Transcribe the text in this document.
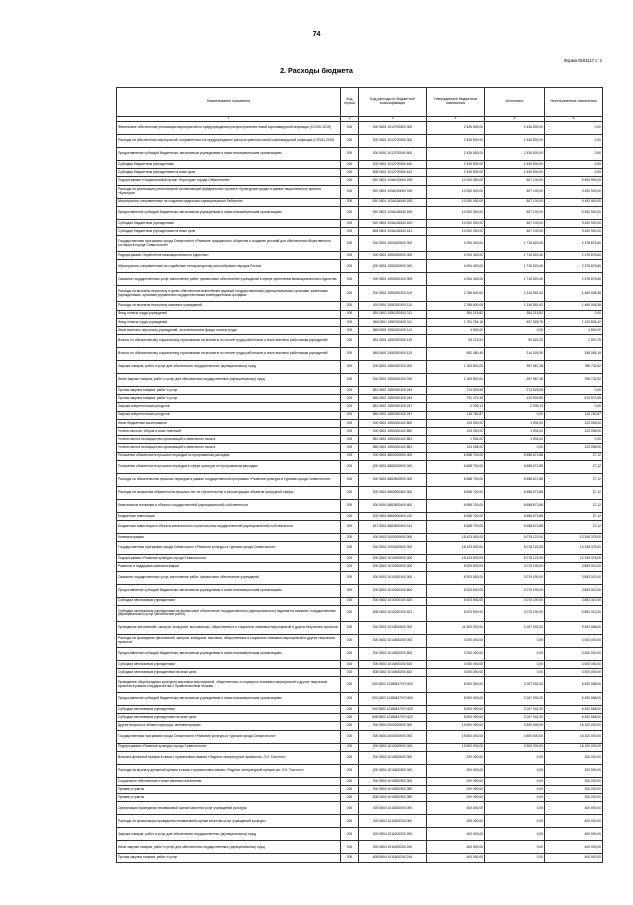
74
Форма 0503117 с. 2
2. Расходы бюджета
Наименование показателя	Код строки	Код расхода по бюджетной классификации	Утвержденные бюджетные назначения	Исполнено	Неисполненные назначения
1	2	3	4	5	6
Финансовое обеспечение реализации мероприятий по предупреждению распространения новой коронавирусной инфекции (COVID-2019)	200	000 0801 1012700300 000	2 426 500,00	2 426 500,00	0,00
Расходы на обеспечение мероприятий, направленных на предупреждение распространения новой коронавирусной инфекции (COVID-2019)	200	000 0801 1012700260 000	2 426 500,00	2 426 500,00	0,00
Предоставление субсидий бюджетным, автономным учреждениям и иным некоммерческим организациям	200	000 0801 1012700260 600	2 426 500,00	2 426 500,00	0,00
Субсидии бюджетным учреждениям	200	000 0801 1012700260 610	2 426 500,00	2 426 500,00	0,00
Субсидии бюджетным учреждениям на иные цели	200	808 0801 1012700260 612	2 426 500,00	2 426 500,00	0,00
Подпрограмма «Национальный проект «Культура» города Севастополя»	200	000 0801 103A100000 000	10 000 000,00	507 100,00	9 492 900,00
Расходы на реализацию региональной составляющей федерального проекта «Культурная среда» в рамках национального проекта «Культура»	200	000 0801 103A100000 000	10 000 000,00	507 100,00	9 492 900,00
Мероприятия, направленные на создание модельных муниципальных библиотек	200	000 0801 103A154540 000	10 000 000,00	507 100,00	9 492 900,00
Предоставление субсидий бюджетным, автономным учреждениям и иным некоммерческим организациям	200	000 0801 103A154540 600	10 000 000,00	507 100,00	9 492 900,00
Субсидии бюджетным учреждениям	200	000 0801 103A154540 610	10 000 000,00	507 100,00	9 492 900,00
Субсидии бюджетным учреждениям на иные цели	200	808 0801 103A154540 612	10 000 000,00	507 100,00	9 492 900,00
Государственная программа города Севастополя «Развитие гражданского общества и создание условий для обеспечения общественного согласия в городе Севастополе»	200	000 0801 1500000000 000	4 094 400,00	1 715 523,40	2 378 876,60
Подпрограмма «Укрепление межнационального единства»	200	000 0801 1550000000 000	4 094 400,00	1 715 523,40	2 378 876,60
Мероприятия, направленные на содействие этнокультурному многообразию народов России	200	000 0801 1550300000 000	4 094 400,00	1 715 523,40	2 378 876,60
Оказание государственных услуг, выполнение работ, финансовое обеспечение учреждений в сфере укрепления межнационального единства	200	000 0801 1550300100 000	4 094 400,00	1 715 523,40	2 378 876,60
Расходы на выплаты персоналу в целях обеспечения выполнения функций государственными (муниципальными) органами, казенными учреждениями, органами управления государственными внебюджетными фондами	200	000 0801 1550300100 100	2 785 600,00	1 316 551,62	1 469 048,38
Расходы на выплаты персоналу казенных учреждений	200	000 0801 1550300100 110	2 785 600,00	1 316 551,62	1 469 048,38
Фонд оплаты труда учреждений	200	851 0801 1550300100 111	354 215,82	354 215,82	0,00
Фонд оплаты труда учреждений	200	865 0801 1550300100 111	1 761 764,18	637 928,76	1 123 835,42
Иные выплаты персоналу учреждений, за исключением фонда оплаты труда	200	865 0801 1550300100 112	4 500,00	0,00	4 500,00
Взносы по обязательному социальному страхованию на выплаты по оплате труда работников и иные выплаты работникам учреждений	200	851 0801 1550300100 119	93 219,51	90 622,22	2 597,29
Взносы по обязательному социальному страхованию на выплаты по оплате труда работников и иные выплаты работникам учреждений	200	865 0801 1550300100 119	552 080,49	214 025,30	338 055,19
Закупка товаров, работ и услуг для обеспечения государственных (муниципальных) нужд	200	000 0801 1550300100 200	1 183 800,00	397 067,48	786 732,52
Иные закупки товаров, работ и услуг для обеспечения государственных (муниципальных) нужд	200	000 0801 1550300100 240	1 183 800,00	397 067,48	786 732,52
Прочая закупка товаров, работ и услуг	200	851 0801 1550300100 244	274 525,55	274 525,55	0,00
Прочая закупка товаров, работ и услуг	200	865 0801 1550300100 244	791 474,45	120 502,80	670 971,65
Закупка энергетических ресурсов	200	851 0801 1550300100 247	2 039,13	2 039,13	0,00
Закупка энергетических ресурсов	200	865 0801 1550300100 247	115 760,87	0,00	115 760,87
Иные бюджетные ассигнования	200	000 0801 1550300100 800	125 000,00	1 904,00	123 096,00
Уплата налогов, сборов и иных платежей	200	000 0801 1550300100 850	125 000,00	1 904,00	123 096,00
Уплата налога на имущество организаций и земельного налога	200	851 0801 1550300100 851	1 904,00	1 904,00	0,00
Уплата налога на имущество организаций и земельного налога	200	865 0801 1550300100 851	123 096,00	0,00	123 096,00
Погашение обязательств прошлых периодов по программным расходам	200	000 0801 6800000000 000	6 658 700,00	6 658 672,88	27,12
Погашение обязательств прошлых периодов в сфере культуры по программным расходам	200	000 0801 6880000000 000	6 658 700,00	6 658 672,88	27,12
Расходы на обязательства прошлых периодов в рамках государственной программы «Развитие культуры и туризма города Севастополя»	200	000 0801 6882600000 000	6 658 700,00	6 658 672,88	27,12
Расходы на погашение обязательств прошлых лет по строительству и реконструкции объектов культурной сферы	200	000 0801 6882600400 000	6 658 700,00	6 658 672,88	27,12
Капитальные вложения в объекты государственной (муниципальной) собственности	200	000 0801 6882600400 400	6 658 700,00	6 658 672,88	27,12
Бюджетные инвестиции	200	000 0801 6882600400 410	6 658 700,00	6 658 672,88	27,12
Бюджетные инвестиции в объекты капитального строительства государственной (муниципальной) собственности	200	817 0801 6882600400 414	6 658 700,00	6 658 672,88	27,12
Кинематография	200	000 0802 0000000000 000	18 423 500,00	5 078 122,00	13 345 378,00
Государственная программа города Севастополя «Развитие культуры и туризма города Севастополя»	200	000 0802 1000000000 000	18 423 500,00	5 078 122,00	13 345 378,00
Подпрограмма «Развитие культуры города Севастополя»	200	000 0802 1010000000 000	18 423 500,00	5 078 122,00	13 345 378,00
Развитие и поддержка кинематографии	200	000 0802 1010300000 000	6 923 500,00	3 070 190,00	3 853 310,00
Оказание государственных услуг, выполнение работ, финансовое обеспечение учреждений	200	000 0802 1010300100 000	6 923 500,00	3 070 190,00	3 853 310,00
Предоставление субсидий бюджетным, автономным учреждениям и иным некоммерческим организациям	200	000 0802 1010300100 600	6 923 500,00	3 070 190,00	3 853 310,00
Субсидии автономным учреждениям	200	000 0802 1010300100 620	6 923 500,00	3 070 190,00	3 853 310,00
Субсидии автономным учреждениям на финансовое обеспечение государственного (муниципального) задания на оказание государственных (муниципальных) услуг (выполнение работ)	200	808 0802 1010300100 621	6 923 500,00	3 070 190,00	3 853 310,00
Проведение фестивалей, смотров, конкурсов, выставочных, общественных и социально значимых мероприятий и других творческих проектов	200	000 0802 1010600000 000	11 500 000,00	2 007 932,00	9 492 068,00
Расходы на проведение фестивалей, смотров, конкурсов, выставок, общественных и социально значимых мероприятий и других творческих проектов	200	000 0802 1010600200 000	3 000 000,00	0,00	3 000 000,00
Предоставление субсидий бюджетным, автономным учреждениям и иным некоммерческим организациям	200	000 0802 1010600200 600	3 000 000,00	0,00	3 000 000,00
Субсидии автономным учреждениям	200	000 0802 1010600200 620	3 000 000,00	0,00	3 000 000,00
Субсидии автономным учреждениям на иные цели	200	808 0802 1010600200 622	3 000 000,00	0,00	3 000 000,00
Проведение общегородских культурно-массовых мероприятий, общественных и социально значимых мероприятий и других творческих проектов в рамках сотрудничества с Правительством Москвы	200	000 0802 101ВМ37070 000	8 500 000,00	2 007 932,00	6 492 068,00
Предоставление субсидий бюджетным, автономным учреждениям и иным некоммерческим организациям	200	000 0802 101ВМ37070 600	8 500 000,00	2 007 932,00	6 492 068,00
Субсидии автономным учреждениям	200	000 0802 101ВМ37070 620	8 500 000,00	2 007 932,00	6 492 068,00
Субсидии автономным учреждениям на иные цели	200	808 0802 101ВМ37070 622	8 500 000,00	2 007 932,00	6 492 068,00
Другие вопросы в области культуры, кинематографии	200	000 0804 0000000000 000	19 600 000,00	3 500 000,00	16 100 000,00
Государственная программа города Севастополя «Развитие культуры и туризма города Севастополя»	200	000 0804 1000000000 000	19 600 000,00	3 500 000,00	16 100 000,00
Подпрограмма «Развитие культуры города Севастополя»	200	000 0804 1010000000 000	19 600 000,00	3 500 000,00	16 100 000,00
Выплата денежной премии в связи с присвоением звания «Лауреат литературной премии им. Л.Н. Толстого»	200	000 0804 1010600000 000	200 000,00	0,00	200 000,00
Расходы на выплату денежной премии в связи с присвоением звания «Лауреат литературной премии им. Л.Н. Толстого»	200	000 0804 1010600300 000	200 000,00	0,00	200 000,00
Социальное обеспечение и иные выплаты населению	200	000 0804 1010600300 300	200 000,00	0,00	200 000,00
Премии и гранты	200	000 0804 1010600300 350	200 000,00	0,00	200 000,00
Премии и гранты	200	808 0804 1010600300 350	200 000,00	0,00	200 000,00
Организация проведения независимой оценки качества услуг учреждений культуры	200	000 0804 1011600000 000	400 000,00	0,00	400 000,00
Расходы на организацию проведения независимой оценки качества услуг учреждений культуры	200	000 0804 1011600200 000	400 000,00	0,00	400 000,00
Закупка товаров, работ и услуг для обеспечения государственных (муниципальных) нужд	200	000 0804 1011600200 200	400 000,00	0,00	400 000,00
Иные закупки товаров, работ и услуг для обеспечения государственных (муниципальных) нужд	200	000 0804 1011600200 240	400 000,00	0,00	400 000,00
Прочая закупка товаров, работ и услуг	200	808 0804 1011600200 244	400 000,00	0,00	400 000,00
